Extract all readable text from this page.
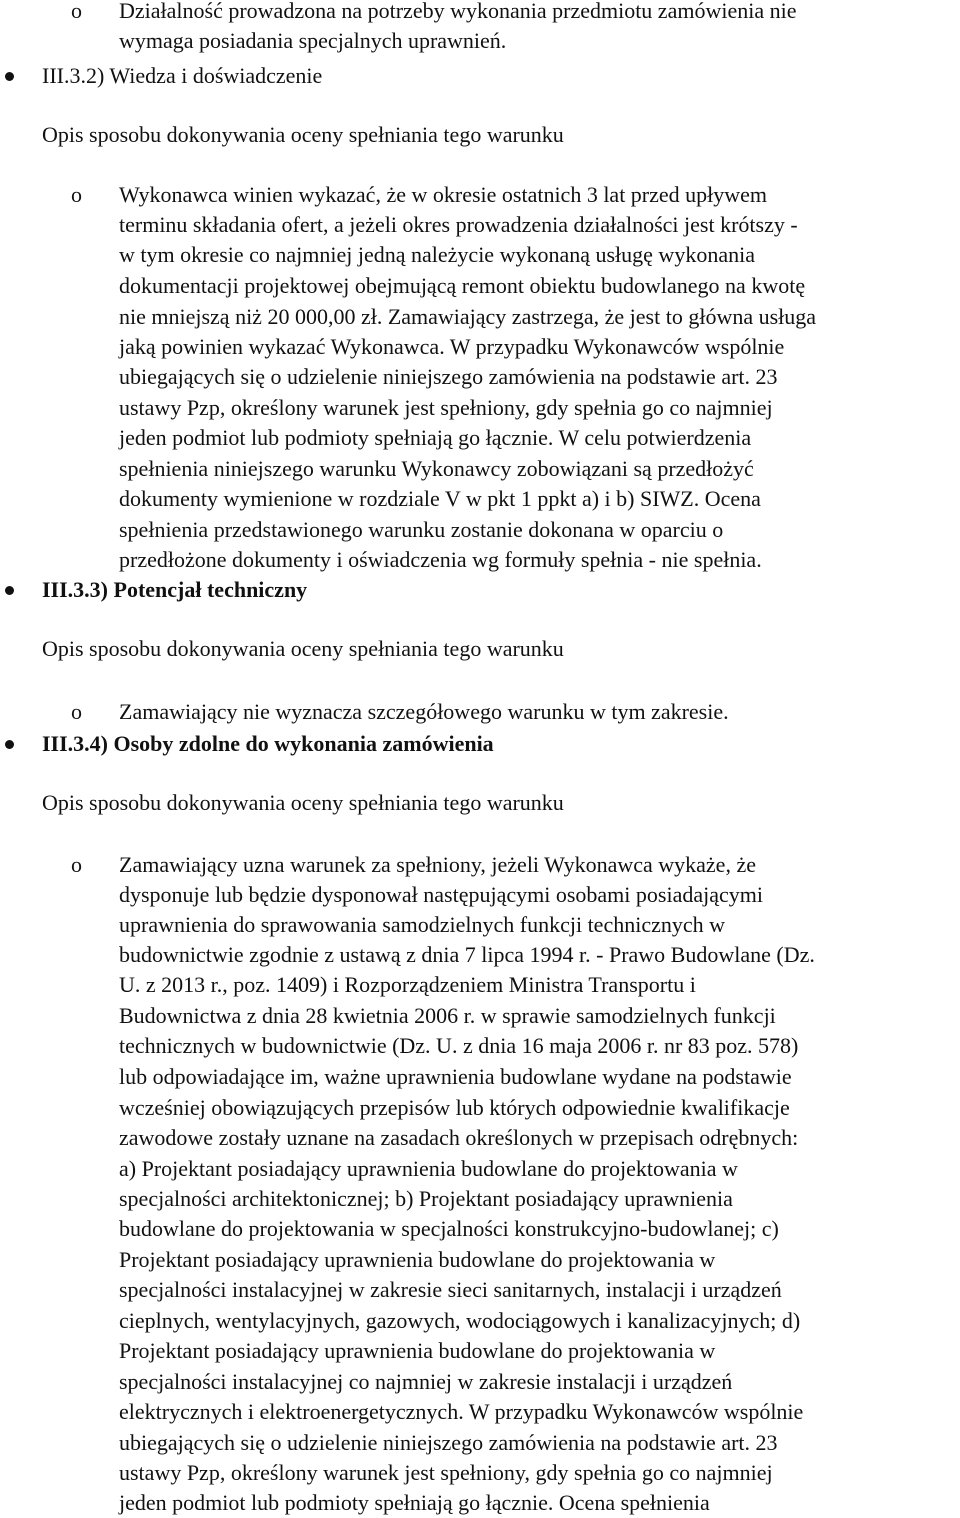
o Działalność prowadzona na potrzeby wykonania przedmiotu zamówienia nie
wymaga posiadania specjalnych uprawnień.
III.3.2) Wiedza i doświadczenie
Opis sposobu dokonywania oceny spełniania tego warunku
o Wykonawca winien wykazać, że w okresie ostatnich 3 lat przed upływem
terminu składania ofert, a jeżeli okres prowadzenia działalności jest krótszy -
w tym okresie co najmniej jedną należycie wykonaną usługę wykonania
dokumentacji projektowej obejmującą remont obiektu budowlanego na kwotę
nie mniejszą niż 20 000,00 zł. Zamawiający zastrzega, że jest to główna usługa
jaką powinien wykazać Wykonawca. W przypadku Wykonawców wspólnie
ubiegających się o udzielenie niniejszego zamówienia na podstawie art. 23
ustawy Pzp, określony warunek jest spełniony, gdy spełnia go co najmniej
jeden podmiot lub podmioty spełniają go łącznie. W celu potwierdzenia
spełnienia niniejszego warunku Wykonawcy zobowiązani są przedłożyć
dokumenty wymienione w rozdziale V w pkt 1 ppkt a) i b) SIWZ. Ocena
spełnienia przedstawionego warunku zostanie dokonana w oparciu o
przedłożone dokumenty i oświadczenia wg formuły spełnia - nie spełnia.
III.3.3) Potencjał techniczny
Opis sposobu dokonywania oceny spełniania tego warunku
o Zamawiający nie wyznacza szczegółowego warunku w tym zakresie.
III.3.4) Osoby zdolne do wykonania zamówienia
Opis sposobu dokonywania oceny spełniania tego warunku
o Zamawiający uzna warunek za spełniony, jeżeli Wykonawca wykaże, że
dysponuje lub będzie dysponował następującymi osobami posiadającymi
uprawnienia do sprawowania samodzielnych funkcji technicznych w
budownictwie zgodnie z ustawą z dnia 7 lipca 1994 r. - Prawo Budowlane (Dz.
U. z 2013 r., poz. 1409) i Rozporządzeniem Ministra Transportu i
Budownictwa z dnia 28 kwietnia 2006 r. w sprawie samodzielnych funkcji
technicznych w budownictwie (Dz. U. z dnia 16 maja 2006 r. nr 83 poz. 578)
lub odpowiadające im, ważne uprawnienia budowlane wydane na podstawie
wcześniej obowiązujących przepisów lub których odpowiednie kwalifikacje
zawodowe zostały uznane na zasadach określonych w przepisach odrębnych:
a) Projektant posiadający uprawnienia budowlane do projektowania w
specjalności architektonicznej; b) Projektant posiadający uprawnienia
budowlane do projektowania w specjalności konstrukcyjno-budowlanej; c)
Projektant posiadający uprawnienia budowlane do projektowania w
specjalności instalacyjnej w zakresie sieci sanitarnych, instalacji i urządzeń
cieplnych, wentylacyjnych, gazowych, wodociągowych i kanalizacyjnych; d)
Projektant posiadający uprawnienia budowlane do projektowania w
specjalności instalacyjnej co najmniej w zakresie instalacji i urządzeń
elektrycznych i elektroenergetycznych. W przypadku Wykonawców wspólnie
ubiegających się o udzielenie niniejszego zamówienia na podstawie art. 23
ustawy Pzp, określony warunek jest spełniony, gdy spełnia go co najmniej
jeden podmiot lub podmioty spełniają go łącznie. Ocena spełnienia
